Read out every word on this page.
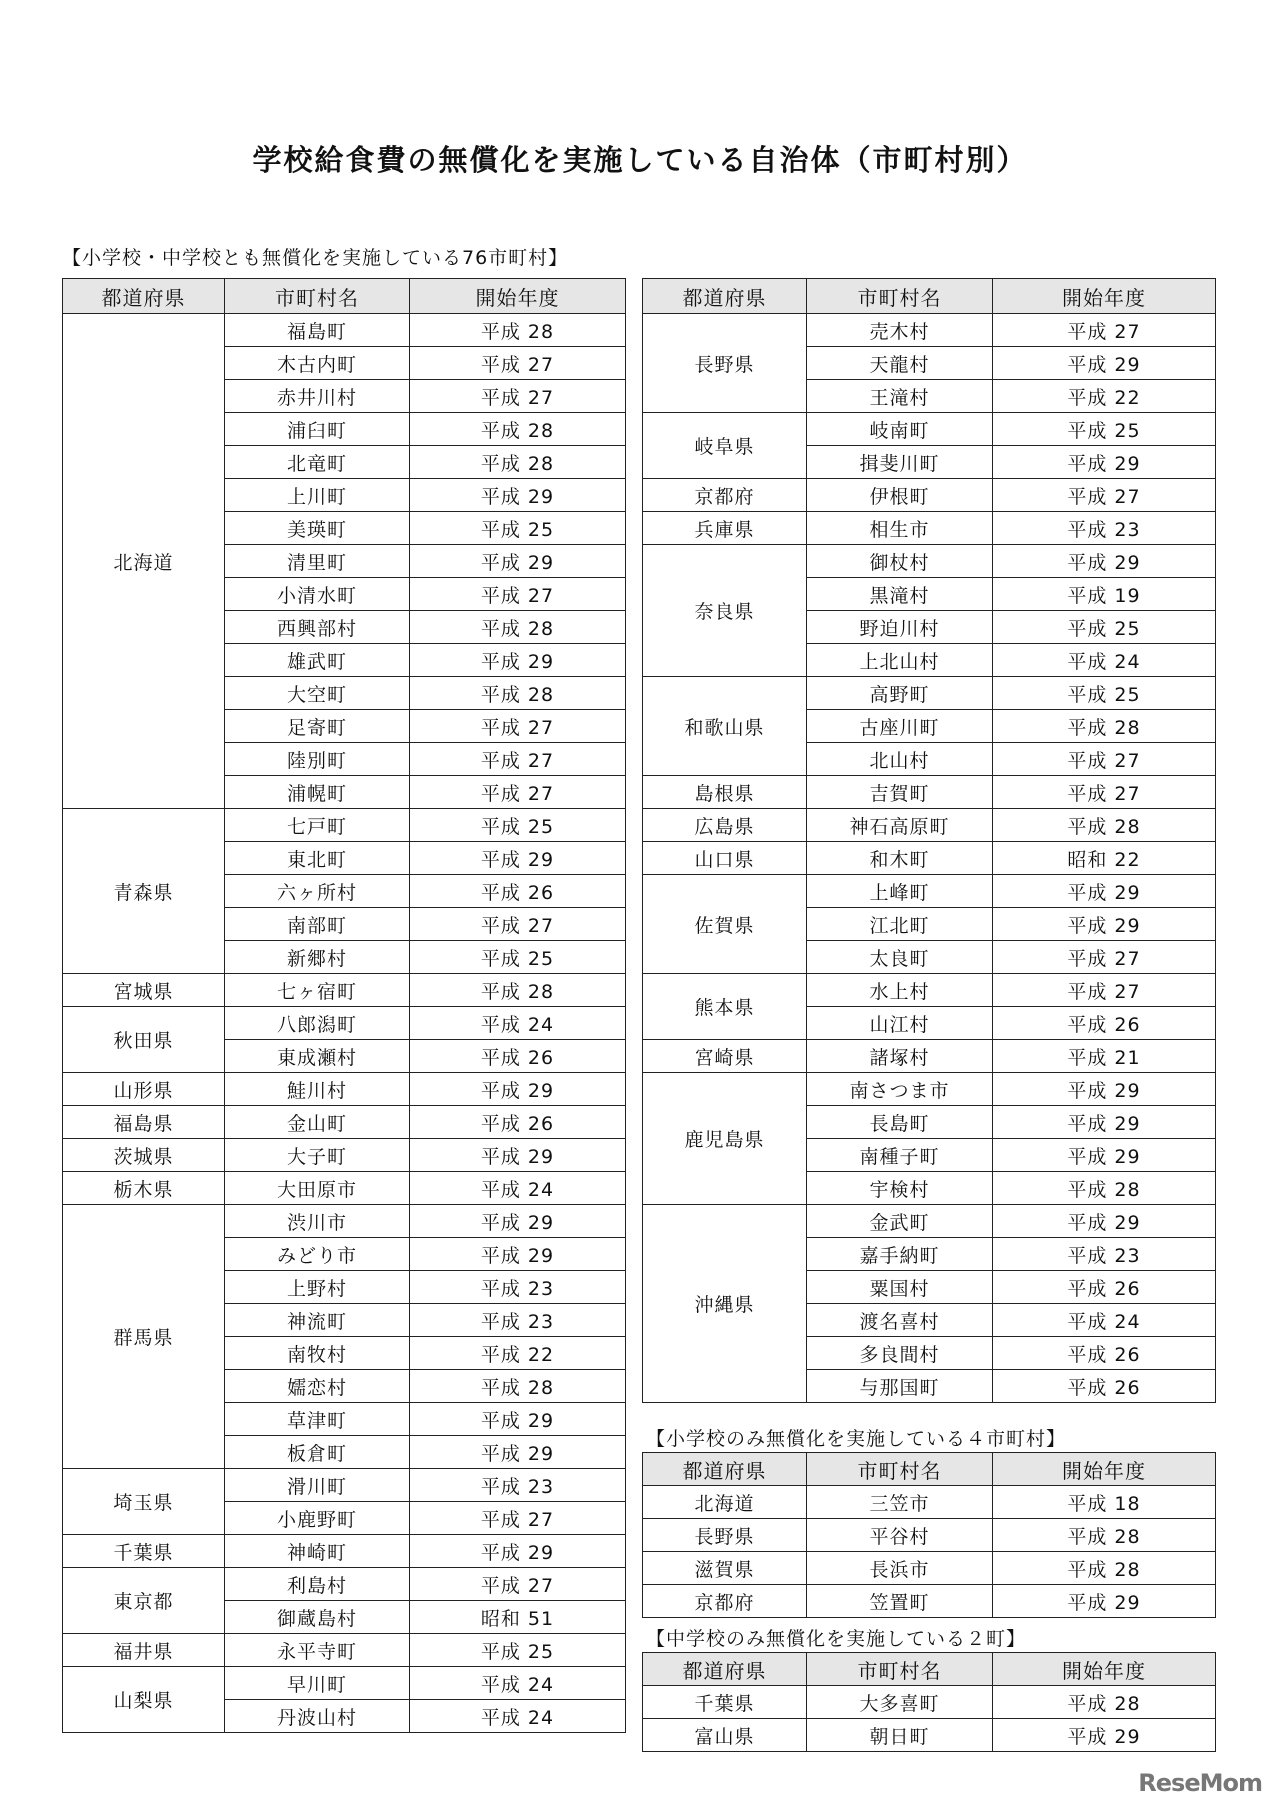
学校給食費の無償化を実施している自治体（市町村別）
【小学校・中学校とも無償化を実施している76市町村】
都道府県	市町村名	開始年度
北海道	福島町	平成 28
	木古内町	平成 27
	赤井川村	平成 27
	浦臼町	平成 28
	北竜町	平成 28
	上川町	平成 29
	美瑛町	平成 25
	清里町	平成 29
	小清水町	平成 27
	西興部村	平成 28
	雄武町	平成 29
	大空町	平成 28
	足寄町	平成 27
	陸別町	平成 27
	浦幌町	平成 27
青森県	七戸町	平成 25
	東北町	平成 29
	六ヶ所村	平成 26
	南部町	平成 27
	新郷村	平成 25
宮城県	七ヶ宿町	平成 28
秋田県	八郎潟町	平成 24
	東成瀬村	平成 26
山形県	鮭川村	平成 29
福島県	金山町	平成 26
茨城県	大子町	平成 29
栃木県	大田原市	平成 24
群馬県	渋川市	平成 29
	みどり市	平成 29
	上野村	平成 23
	神流町	平成 23
	南牧村	平成 22
	嬬恋村	平成 28
	草津町	平成 29
	板倉町	平成 29
埼玉県	滑川町	平成 23
	小鹿野町	平成 27
千葉県	神崎町	平成 29
東京都	利島村	平成 27
	御蔵島村	昭和 51
福井県	永平寺町	平成 25
山梨県	早川町	平成 24
	丹波山村	平成 24
都道府県	市町村名	開始年度
長野県	売木村	平成 27
	天龍村	平成 29
	王滝村	平成 22
岐阜県	岐南町	平成 25
	揖斐川町	平成 29
京都府	伊根町	平成 27
兵庫県	相生市	平成 23
奈良県	御杖村	平成 29
	黒滝村	平成 19
	野迫川村	平成 25
	上北山村	平成 24
和歌山県	高野町	平成 25
	古座川町	平成 28
	北山村	平成 27
島根県	吉賀町	平成 27
広島県	神石高原町	平成 28
山口県	和木町	昭和 22
佐賀県	上峰町	平成 29
	江北町	平成 29
	太良町	平成 27
熊本県	水上村	平成 27
	山江村	平成 26
宮崎県	諸塚村	平成 21
鹿児島県	南さつま市	平成 29
	長島町	平成 29
	南種子町	平成 29
	宇検村	平成 28
沖縄県	金武町	平成 29
	嘉手納町	平成 23
	粟国村	平成 26
	渡名喜村	平成 24
	多良間村	平成 26
	与那国町	平成 26
【小学校のみ無償化を実施している４市町村】
都道府県	市町村名	開始年度
北海道	三笠市	平成 18
長野県	平谷村	平成 28
滋賀県	長浜市	平成 28
京都府	笠置町	平成 29
【中学校のみ無償化を実施している２町】
都道府県	市町村名	開始年度
千葉県	大多喜町	平成 28
富山県	朝日町	平成 29
ReseMom
